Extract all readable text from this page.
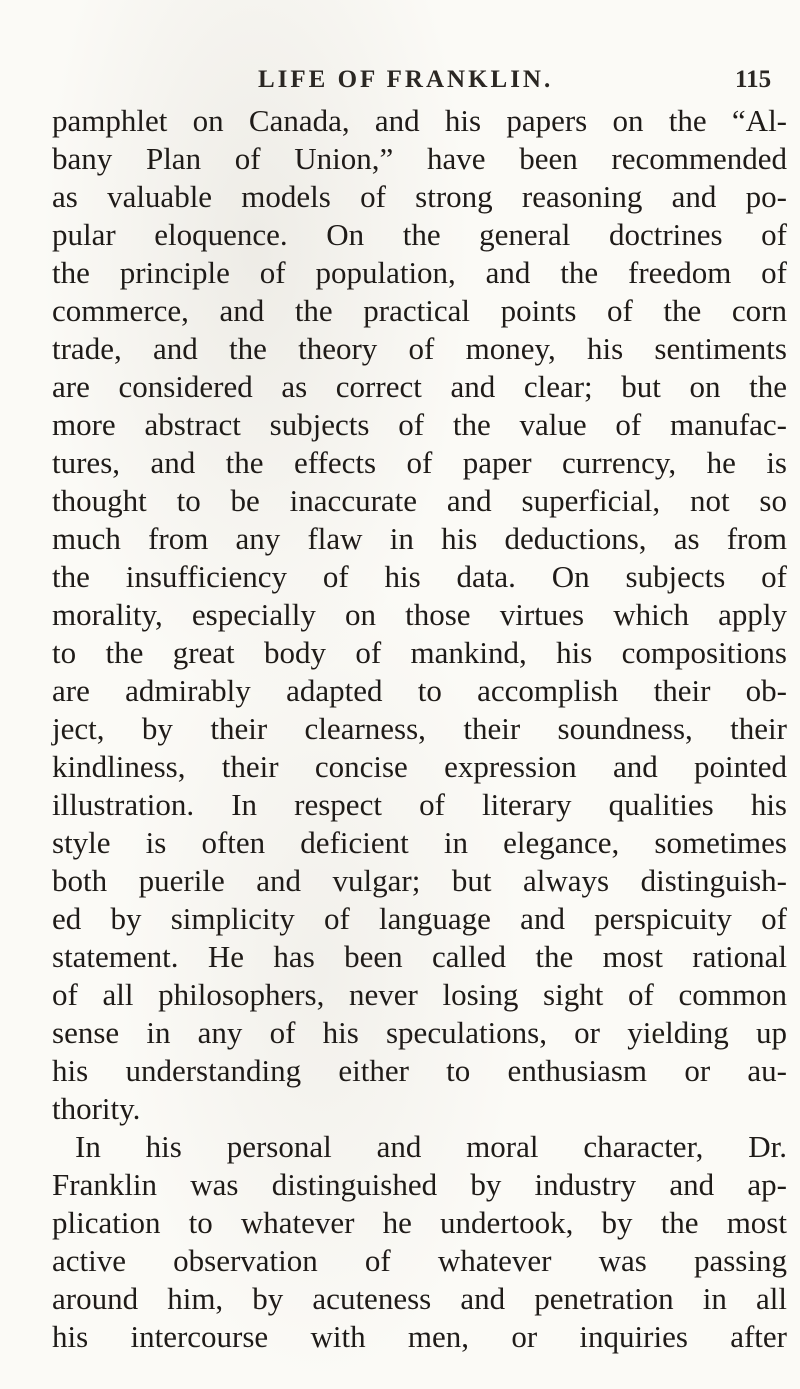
LIFE OF FRANKLIN.	115
pamphlet on Canada, and his papers on the “Al-
bany Plan of Union,” have been recommended
as valuable models of strong reasoning and po-
pular eloquence. On the general doctrines of
the principle of population, and the freedom of
commerce, and the practical points of the corn
trade, and the theory of money, his sentiments
are considered as correct and clear; but on the
more abstract subjects of the value of manufac-
tures, and the effects of paper currency, he is
thought to be inaccurate and superficial, not so
much from any flaw in his deductions, as from
the insufficiency of his data. On subjects of
morality, especially on those virtues which apply
to the great body of mankind, his compositions
are admirably adapted to accomplish their ob-
ject, by their clearness, their soundness, their
kindliness, their concise expression and pointed
illustration. In respect of literary qualities his
style is often deficient in elegance, sometimes
both puerile and vulgar; but always distinguish-
ed by simplicity of language and perspicuity of
statement. He has been called the most rational
of all philosophers, never losing sight of common
sense in any of his speculations, or yielding up
his understanding either to enthusiasm or au-
thority.
In his personal and moral character, Dr.
Franklin was distinguished by industry and ap-
plication to whatever he undertook, by the most
active observation of whatever was passing
around him, by acuteness and penetration in all
his intercourse with men, or inquiries after
